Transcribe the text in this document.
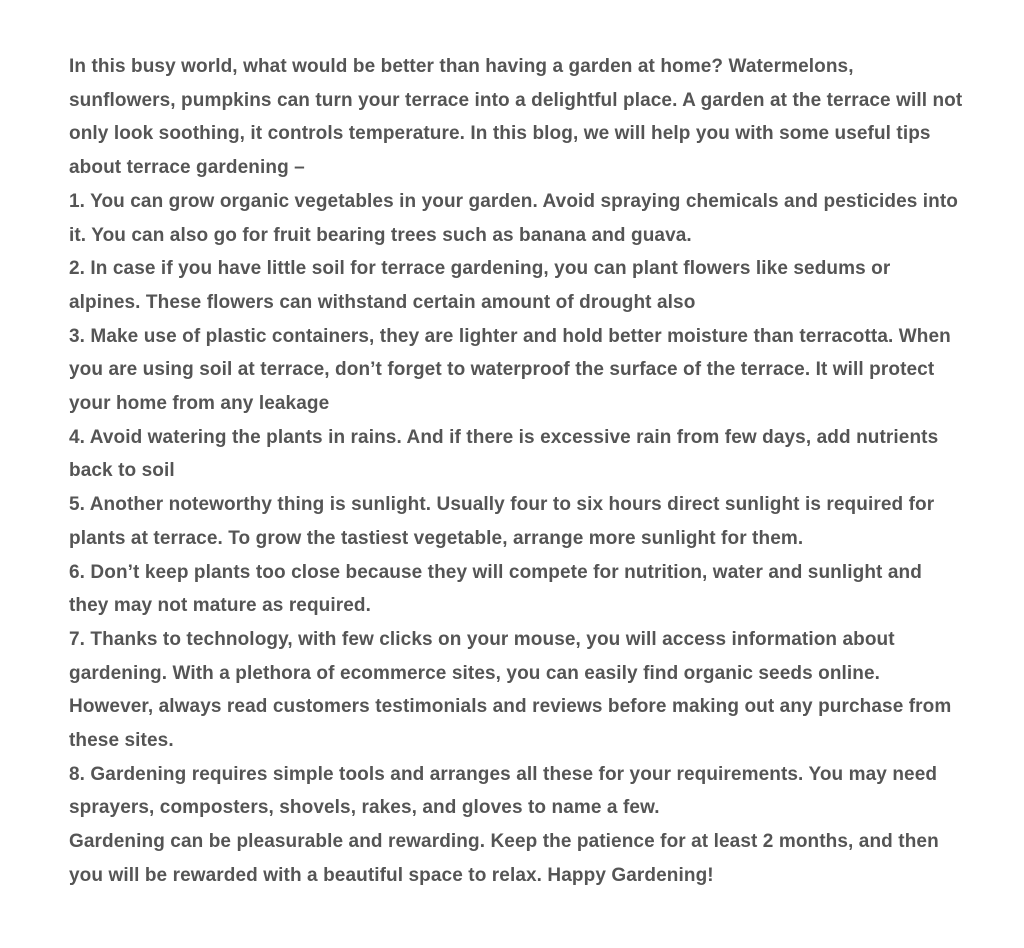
In this busy world, what would be better than having a garden at home? Watermelons, sunflowers, pumpkins can turn your terrace into a delightful place. A garden at the terrace will not only look soothing, it controls temperature. In this blog, we will help you with some useful tips about terrace gardening –

1. You can grow organic vegetables in your garden. Avoid spraying chemicals and pesticides into it. You can also go for fruit bearing trees such as banana and guava.

2. In case if you have little soil for terrace gardening, you can plant flowers like sedums or alpines. These flowers can withstand certain amount of drought also

3. Make use of plastic containers, they are lighter and hold better moisture than terracotta. When you are using soil at terrace, don’t forget to waterproof the surface of the terrace. It will protect your home from any leakage

4. Avoid watering the plants in rains. And if there is excessive rain from few days, add nutrients back to soil

5. Another noteworthy thing is sunlight. Usually four to six hours direct sunlight is required for plants at terrace. To grow the tastiest vegetable, arrange more sunlight for them.

6. Don’t keep plants too close because they will compete for nutrition, water and sunlight and they may not mature as required.

7. Thanks to technology, with few clicks on your mouse, you will access information about gardening. With a plethora of ecommerce sites, you can easily find organic seeds online. However, always read customers testimonials and reviews before making out any purchase from these sites.

8. Gardening requires simple tools and arranges all these for your requirements. You may need sprayers, composters, shovels, rakes, and gloves to name a few.

Gardening can be pleasurable and rewarding. Keep the patience for at least 2 months, and then you will be rewarded with a beautiful space to relax. Happy Gardening!
